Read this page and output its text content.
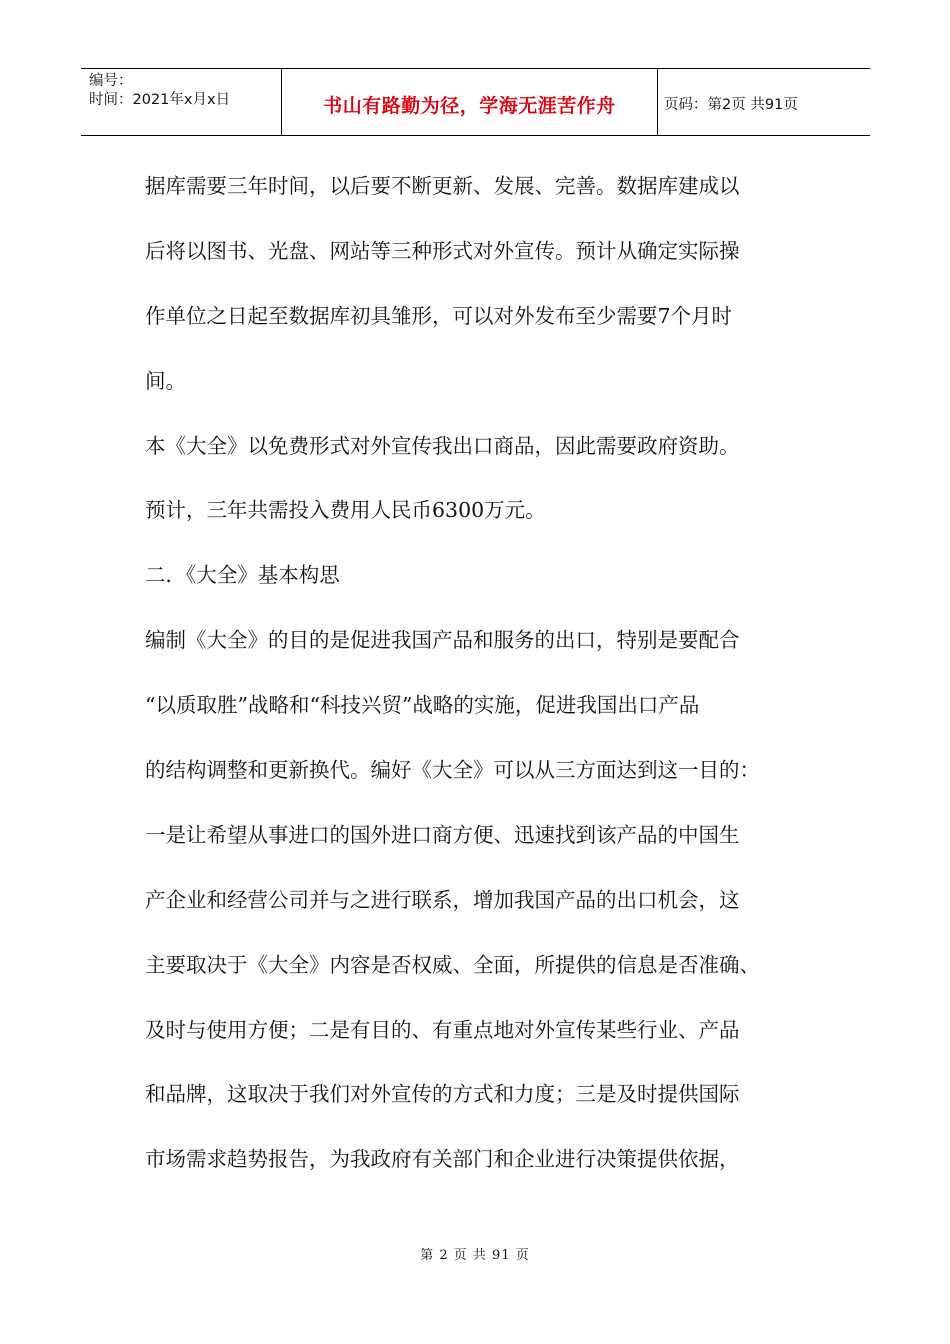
编号：
时间：2021年x月x日	书山有路勤为径，学海无涯苦作舟	页码：第2页 共91页
据库需要三年时间，以后要不断更新、发展、完善。数据库建成以
后将以图书、光盘、网站等三种形式对外宣传。预计从确定实际操
作单位之日起至数据库初具雏形，可以对外发布至少需要7个月时
间。
本《大全》以免费形式对外宣传我出口商品，因此需要政府资助。
预计，三年共需投入费用人民币6300万元。
二．《大全》基本构思
编制《大全》的目的是促进我国产品和服务的出口，特别是要配合
“以质取胜”战略和“科技兴贸”战略的实施，促进我国出口产品
的结构调整和更新换代。编好《大全》可以从三方面达到这一目的：
一是让希望从事进口的国外进口商方便、迅速找到该产品的中国生
产企业和经营公司并与之进行联系，增加我国产品的出口机会，这
主要取决于《大全》内容是否权威、全面，所提供的信息是否准确、
及时与使用方便；二是有目的、有重点地对外宣传某些行业、产品
和品牌，这取决于我们对外宣传的方式和力度；三是及时提供国际
市场需求趋势报告，为我政府有关部门和企业进行决策提供依据，
第 2 页 共 91 页
